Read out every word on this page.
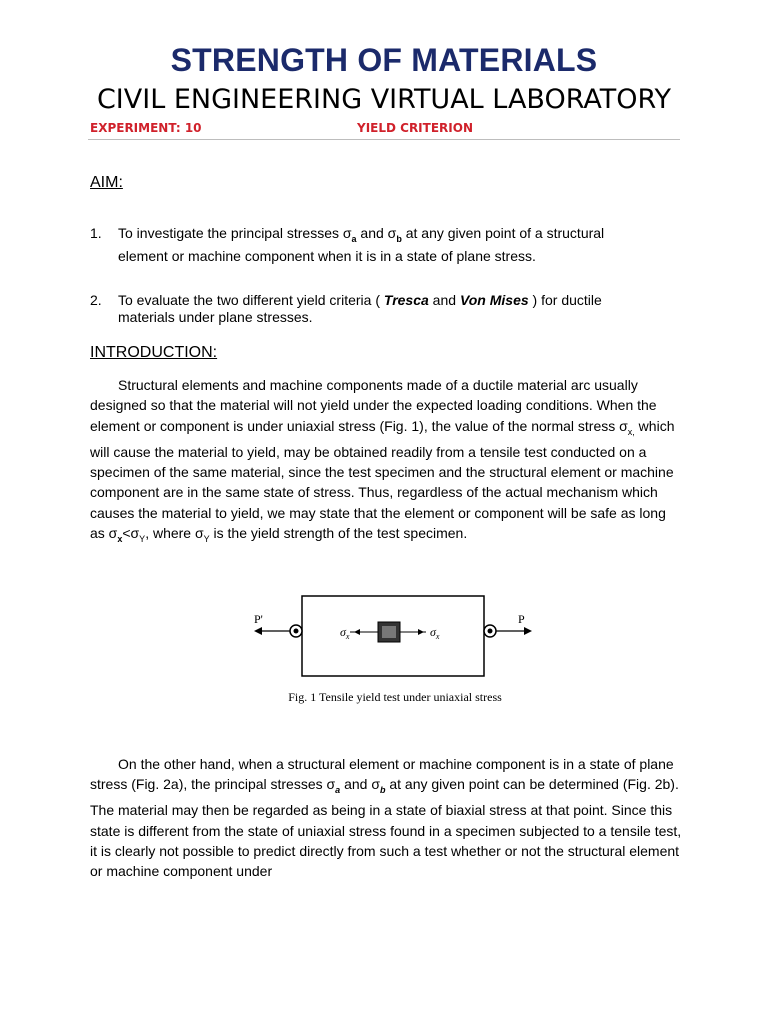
STRENGTH OF MATERIALS
CIVIL ENGINEERING VIRTUAL LABORATORY
EXPERIMENT: 10	YIELD CRITERION
AIM:
1. To investigate the principal stresses $\sigma_a$ and $\sigma_b$ at any given point of a structural element or machine component when it is in a state of plane stress.
2. To evaluate the two different yield criteria ( Tresca and Von Mises ) for ductile materials under plane stresses.
INTRODUCTION:
Structural elements and machine components made of a ductile material arc usually designed so that the material will not yield under the expected loading conditions. When the element or component is under uniaxial stress (Fig. 1), the value of the normal stress $\sigma_{x,}$ which will cause the material to yield, may be obtained readily from a tensile test conducted on a specimen of the same material, since the test specimen and the structural element or machine component are in the same state of stress. Thus, regardless of the actual mechanism which causes the material to yield, we may state that the element or component will be safe as long as $\sigma_x<\sigma_Y$, where $\sigma_Y$ is the yield strength of the test specimen.
P'	P
$\sigma_x$	$\sigma_x$
Fig. 1 Tensile yield test under uniaxial stress
On the other hand, when a structural element or machine component is in a state of plane stress (Fig. 2a), the principal stresses $\sigma_a$ and $\sigma_b$ at any given point can be determined (Fig. 2b). The material may then be regarded as being in a state of biaxial stress at that point. Since this state is different from the state of uniaxial stress found in a specimen subjected to a tensile test, it is clearly not possible to predict directly from such a test whether or not the structural element or machine component under
